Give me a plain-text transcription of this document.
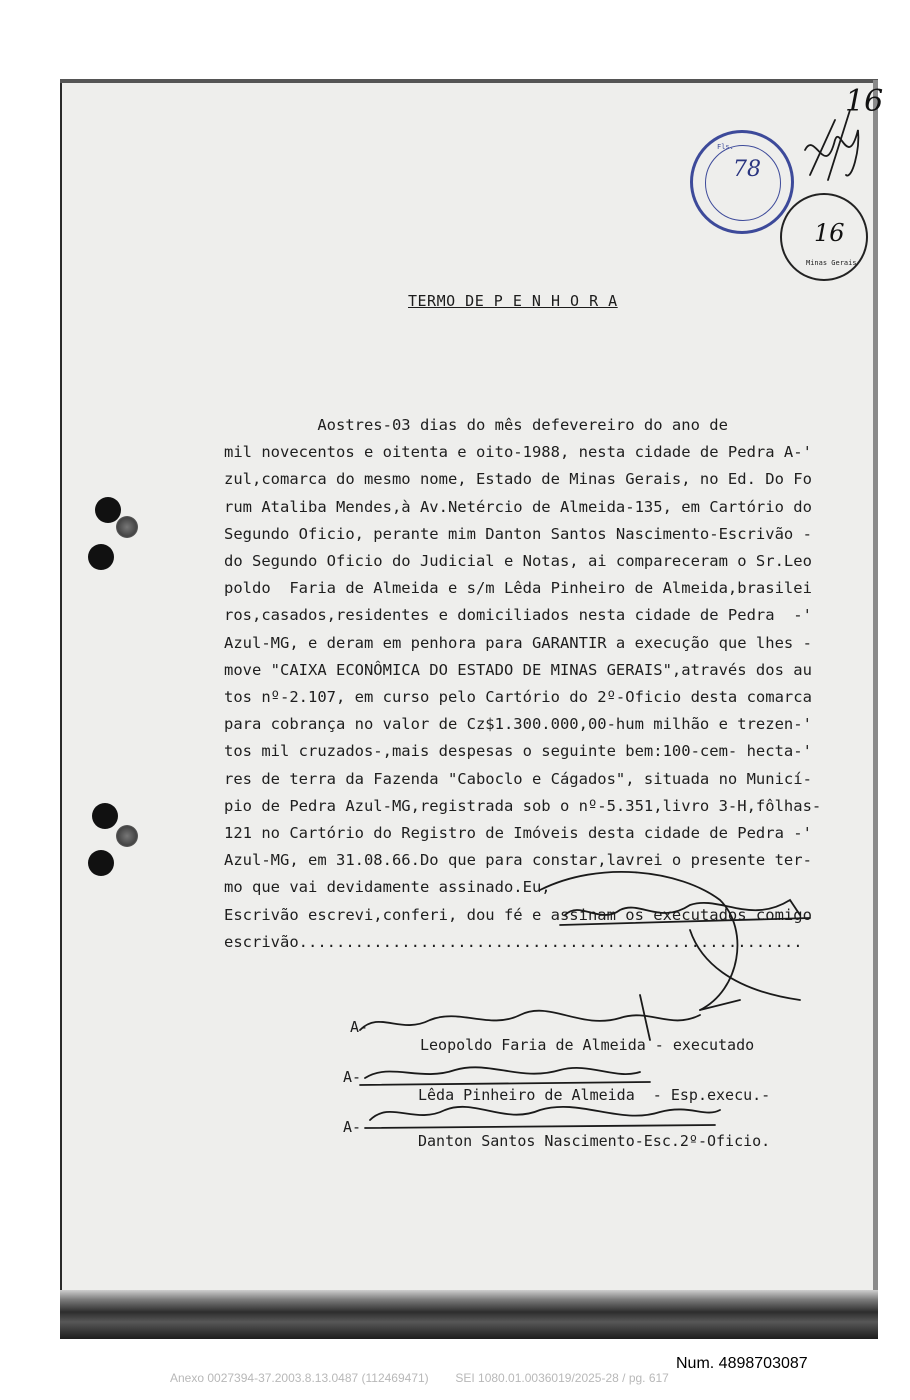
Fls.
78
16
Minas Gerais
16
TERMO DE P E N H O R A
Aostres-03 dias do mês defevereiro do ano de
mil novecentos e oitenta e oito-1988, nesta cidade de Pedra A-'
zul,comarca do mesmo nome, Estado de Minas Gerais, no Ed. Do Fo
rum Ataliba Mendes,à Av.Netércio de Almeida-135, em Cartório do
Segundo Oficio, perante mim Danton Santos Nascimento-Escrivão -
do Segundo Oficio do Judicial e Notas, ai compareceram o Sr.Leo
poldo  Faria de Almeida e s/m Lêda Pinheiro de Almeida,brasilei
ros,casados,residentes e domiciliados nesta cidade de Pedra  -'
Azul-MG, e deram em penhora para GARANTIR a execução que lhes -
move "CAIXA ECONÔMICA DO ESTADO DE MINAS GERAIS",através dos au
tos nº-2.107, em curso pelo Cartório do 2º-Oficio desta comarca
para cobrança no valor de Cz$1.300.000,00-hum milhão e trezen-'
tos mil cruzados-,mais despesas o seguinte bem:100-cem- hecta-'
res de terra da Fazenda "Caboclo e Cágados", situada no Municí-
pio de Pedra Azul-MG,registrada sob o nº-5.351,livro 3-H,fôlhas-
121 no Cartório do Registro de Imóveis desta cidade de Pedra -'
Azul-MG, em 31.08.66.Do que para constar,lavrei o presente ter-
mo que vai devidamente assinado.Eu,
Escrivão escrevi,conferi, dou fé e assinam os executados comigo
escrivão......................................................
A-
Leopoldo Faria de Almeida - executado
A-
Lêda Pinheiro de Almeida  - Esp.execu.-
A-
Danton Santos Nascimento-Esc.2º-Oficio.
Num. 4898703087
Anexo 0027394-37.2003.8.13.0487 (112469471)        SEI 1080.01.0036019/2025-28 / pg. 617
